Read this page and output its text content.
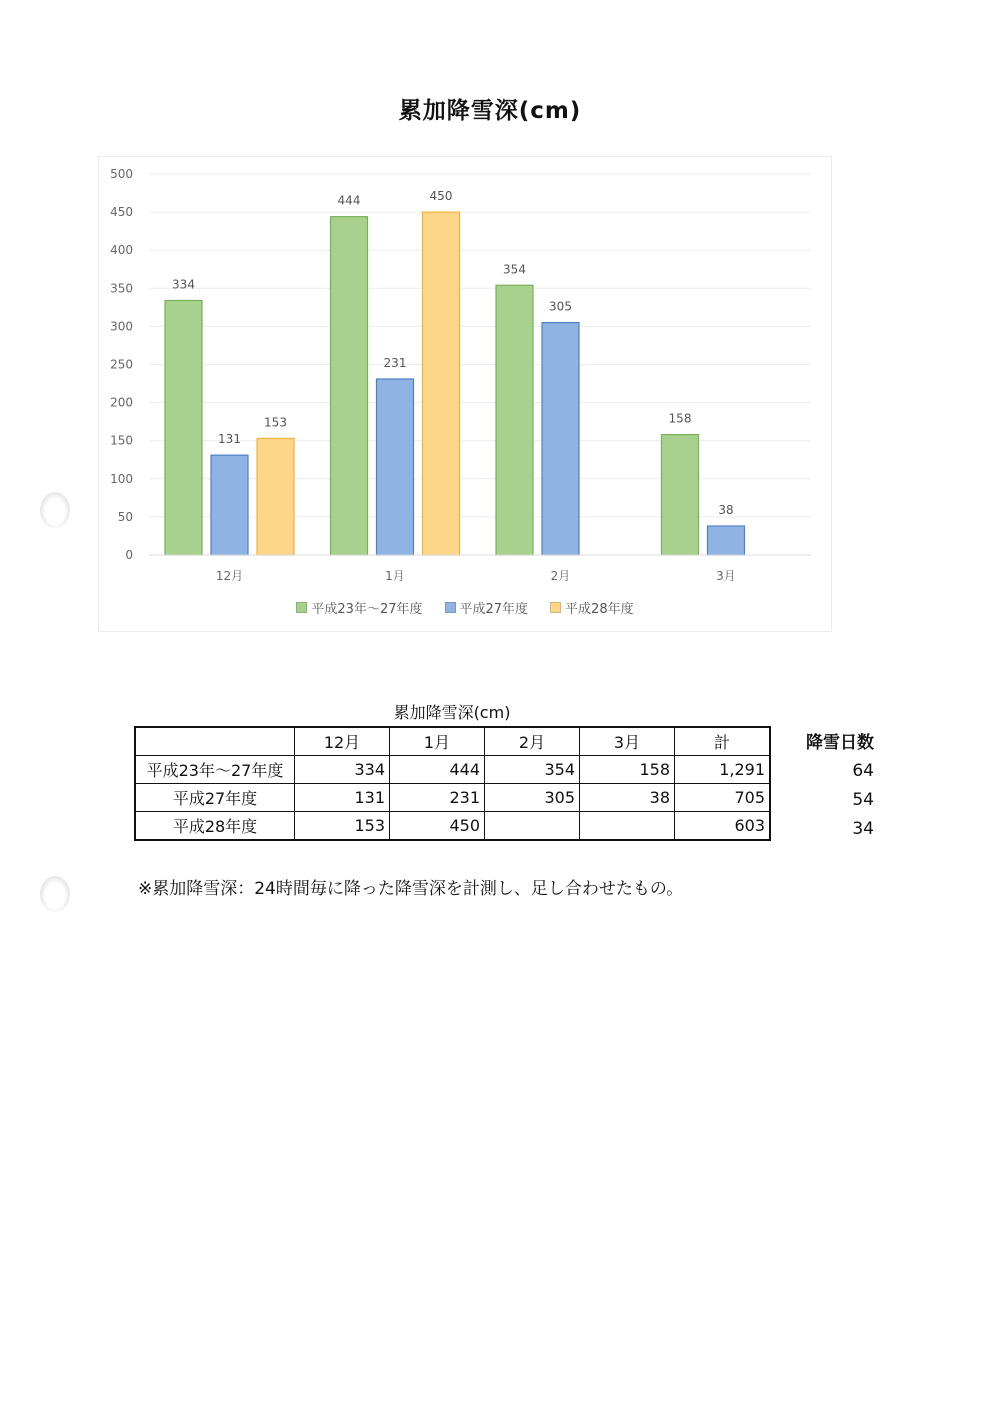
累加降雪深(cm)
0
50
100
150
200
250
300
350
400
450
500
334
131
153
12月
444
231
450
1月
354
305
2月
158
38
3月
平成23年～27年度	平成27年度	平成28年度
累加降雪深(cm)
	12月	1月	2月	3月	計
平成23年～27年度	334	444	354	158	1,291
平成27年度	131	231	305	38	705
平成28年度	153	450			603
降雪日数
64
54
34
※累加降雪深：24時間毎に降った降雪深を計測し、足し合わせたもの。
